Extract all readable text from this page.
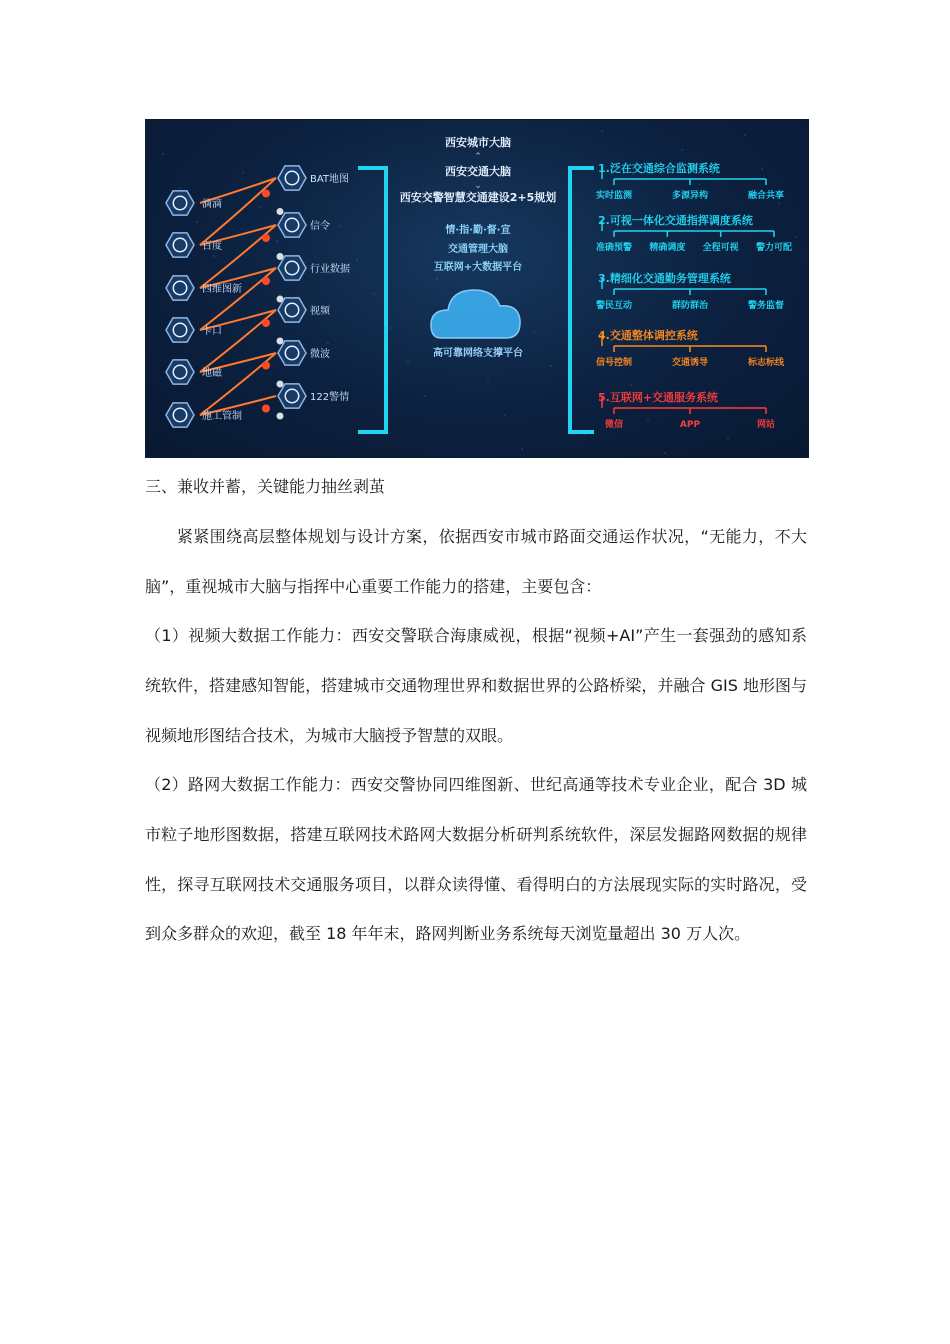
滴滴
百度
四维图新
卡口
地磁
施工管制
BAT地图
信令
行业数据
视频
微波
122警情
西安城市大脑
⌃
西安交通大脑
⌄
西安交警智慧交通建设2+5规划
情·指·勤·督·宣
交通管理大脑
互联网+大数据平台
高可靠网络支撑平台
1.泛在交通综合监测系统
实时监测	多源异构	融合共享
2.可视一体化交通指挥调度系统
准确预警 精确调度 全程可视 警力可配
3.精细化交通勤务管理系统
警民互动	群防群治	警务监督
4.交通整体调控系统
信号控制	交通诱导	标志标线
5.互联网+交通服务系统
微信	APP	网站
三、兼收并蓄，关键能力抽丝剥茧

紧紧围绕高层整体规划与设计方案，依据西安市城市路面交通运作状况，“无能力，不大脑”，重视城市大脑与指挥中心重要工作能力的搭建，主要包含：

（1）视频大数据工作能力：西安交警联合海康威视，根据“视频+AI”产生一套强劲的感知系统软件，搭建感知智能，搭建城市交通物理世界和数据世界的公路桥梁，并融合 GIS 地形图与视频地形图结合技术，为城市大脑授予智慧的双眼。

（2）路网大数据工作能力：西安交警协同四维图新、世纪高通等技术专业企业，配合 3D 城市粒子地形图数据，搭建互联网技术路网大数据分析研判系统软件，深层发掘路网数据的规律性，探寻互联网技术交通服务项目，以群众读得懂、看得明白的方法展现实际的实时路况，受到众多群众的欢迎，截至 18 年年末，路网判断业务系统每天浏览量超出 30 万人次。
